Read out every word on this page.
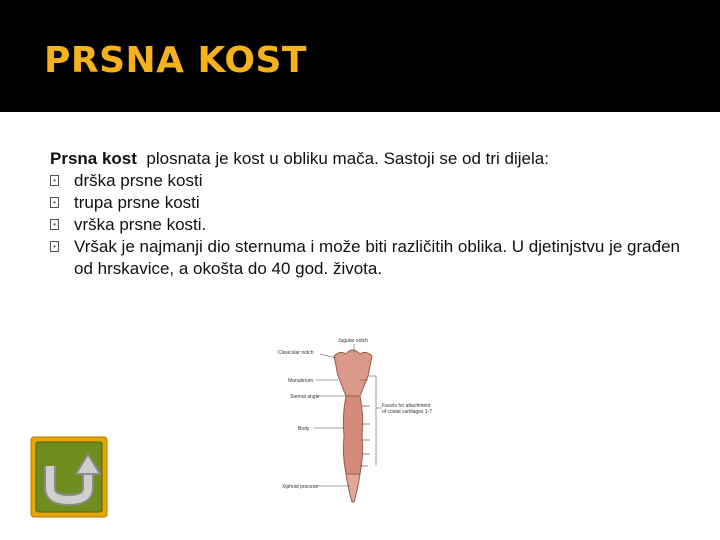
PRSNA KOST
Prsna kost plosnata je kost u obliku mača. Sastoji se od tri dijela:
• drška prsne kosti
• trupa prsne kosti
• vrška prsne kosti.
• Vršak je najmanji dio sternuma i može biti različitih oblika. U djetinjstvu je građen od hrskavice, a okošta do 40 god. života.
Jugular notch
Clavicular notch
Manubrium
Sternal angle
Body
Facets for attachment
of costal cartilages 1-7
Xiphoid process
